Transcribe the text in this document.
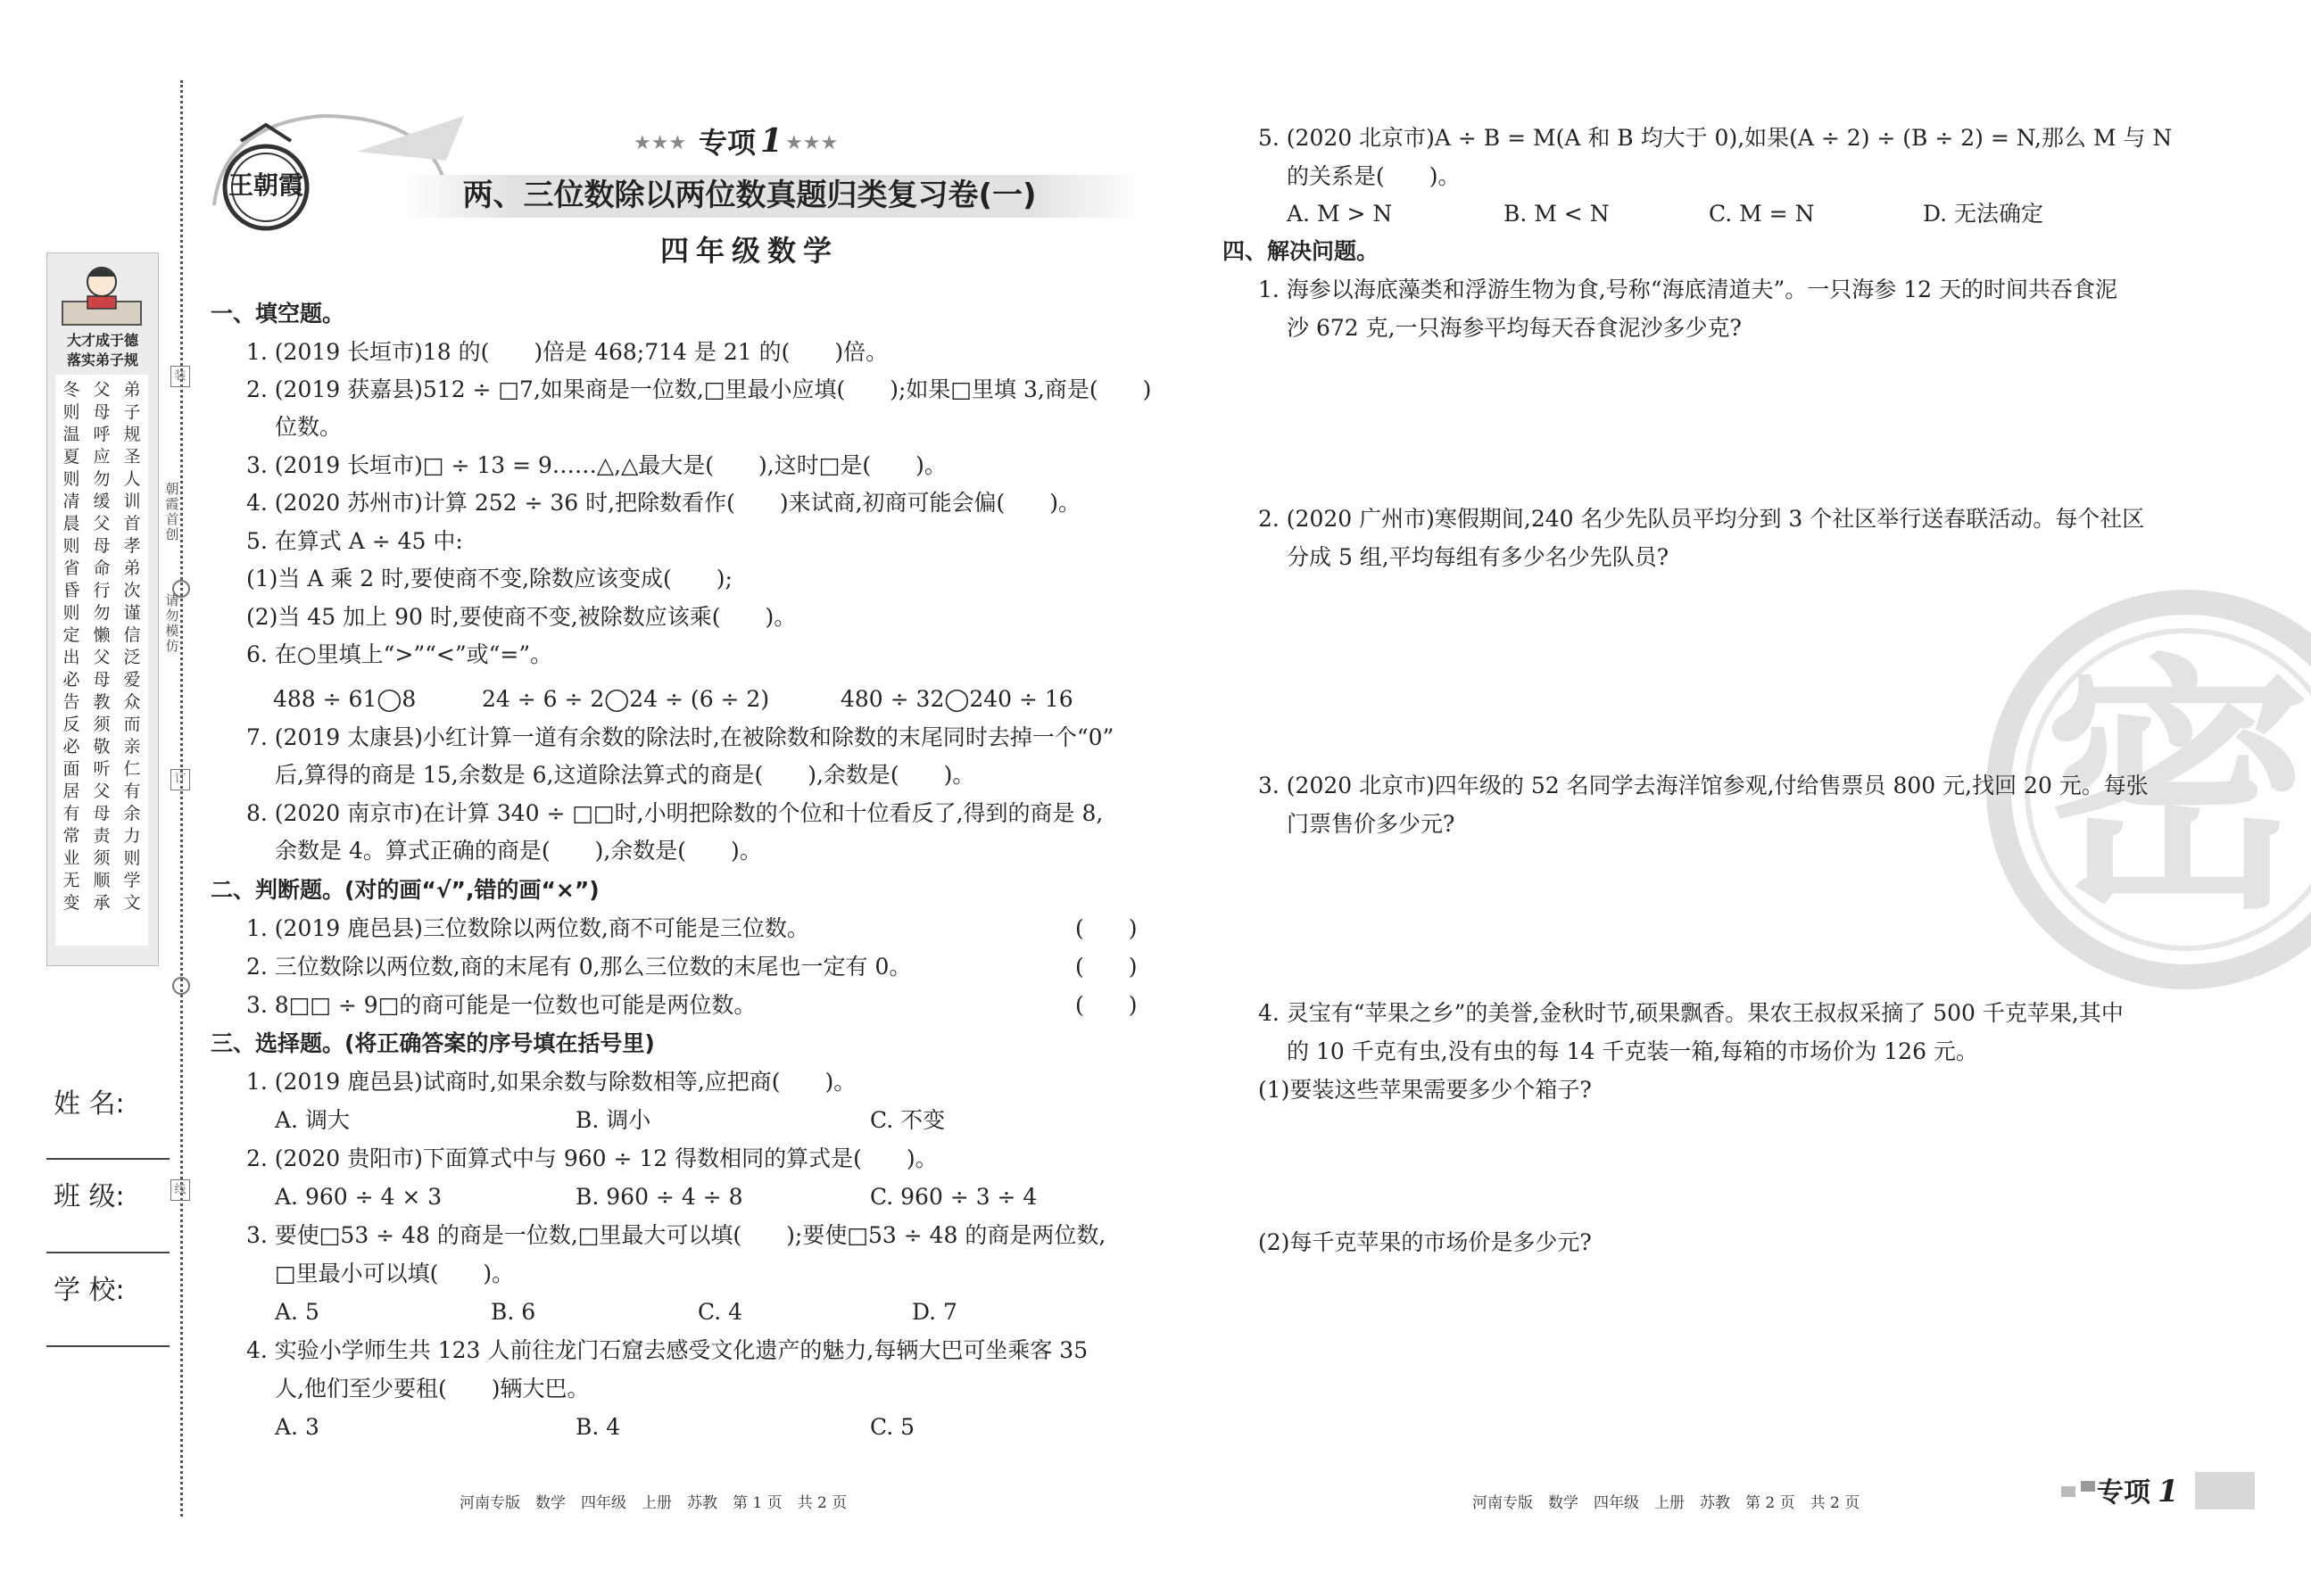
大才成于德
落实弟子规
弟子规圣人训首孝弟次谨信泛爱众而亲仁有余力则学文
父母呼应勿缓父母命行勿懒父母教须敬听父母责须顺承
冬则温夏则凊晨则省昏则定出必告反必面居有常业无变
装
订
线
朝霞首创
请勿模仿
姓 名:
班 级:
学 校:
王朝霞
★★★ 专项 1 ★★★
两、三位数除以两位数真题归类复习卷(一)
四年级数学
一、填空题。
1. (2019 长垣市)18 的(　　)倍是 468;714 是 21 的(　　)倍。
2. (2019 获嘉县)512 ÷ □7,如果商是一位数,□里最小应填(　　);如果□里填 3,商是(　　)
位数。
3. (2019 长垣市)□ ÷ 13 = 9……△,△最大是(　　),这时□是(　　)。
4. (2020 苏州市)计算 252 ÷ 36 时,把除数看作(　　)来试商,初商可能会偏(　　)。
5. 在算式 A ÷ 45 中:
(1)当 A 乘 2 时,要使商不变,除数应该变成(　　);
(2)当 45 加上 90 时,要使商不变,被除数应该乘(　　)。
6. 在○里填上“>”“<”或“=”。
488 ÷ 61◯8	24 ÷ 6 ÷ 2◯24 ÷ (6 ÷ 2)	480 ÷ 32◯240 ÷ 16
7. (2019 太康县)小红计算一道有余数的除法时,在被除数和除数的末尾同时去掉一个“0”
后,算得的商是 15,余数是 6,这道除法算式的商是(　　),余数是(　　)。
8. (2020 南京市)在计算 340 ÷ □□时,小明把除数的个位和十位看反了,得到的商是 8,
余数是 4。算式正确的商是(　　),余数是(　　)。
二、判断题。(对的画“√”,错的画“×”)
1. (2019 鹿邑县)三位数除以两位数,商不可能是三位数。	(　　)
2. 三位数除以两位数,商的末尾有 0,那么三位数的末尾也一定有 0。	(　　)
3. 8□□ ÷ 9□的商可能是一位数也可能是两位数。	(　　)
三、选择题。(将正确答案的序号填在括号里)
1. (2019 鹿邑县)试商时,如果余数与除数相等,应把商(　　)。
A. 调大	B. 调小	C. 不变
2. (2020 贵阳市)下面算式中与 960 ÷ 12 得数相同的算式是(　　)。
A. 960 ÷ 4 × 3	B. 960 ÷ 4 ÷ 8	C. 960 ÷ 3 ÷ 4
3. 要使□53 ÷ 48 的商是一位数,□里最大可以填(　　);要使□53 ÷ 48 的商是两位数,
□里最小可以填(　　)。
A. 5	B. 6	C. 4	D. 7
4. 实验小学师生共 123 人前往龙门石窟去感受文化遗产的魅力,每辆大巴可坐乘客 35
人,他们至少要租(　　)辆大巴。
A. 3	B. 4	C. 5
河南专版　数学　四年级　上册　苏教　第 1 页　共 2 页
密
5. (2020 北京市)A ÷ B = M(A 和 B 均大于 0),如果(A ÷ 2) ÷ (B ÷ 2) = N,那么 M 与 N
的关系是(　　)。
A. M > N	B. M < N	C. M = N	D. 无法确定
四、解决问题。
1. 海参以海底藻类和浮游生物为食,号称“海底清道夫”。一只海参 12 天的时间共吞食泥
沙 672 克,一只海参平均每天吞食泥沙多少克?
2. (2020 广州市)寒假期间,240 名少先队员平均分到 3 个社区举行送春联活动。每个社区
分成 5 组,平均每组有多少名少先队员?
3. (2020 北京市)四年级的 52 名同学去海洋馆参观,付给售票员 800 元,找回 20 元。每张
门票售价多少元?
4. 灵宝有“苹果之乡”的美誉,金秋时节,硕果飘香。果农王叔叔采摘了 500 千克苹果,其中
的 10 千克有虫,没有虫的每 14 千克装一箱,每箱的市场价为 126 元。
(1)要装这些苹果需要多少个箱子?
(2)每千克苹果的市场价是多少元?
河南专版　数学　四年级　上册　苏教　第 2 页　共 2 页	专项 1
